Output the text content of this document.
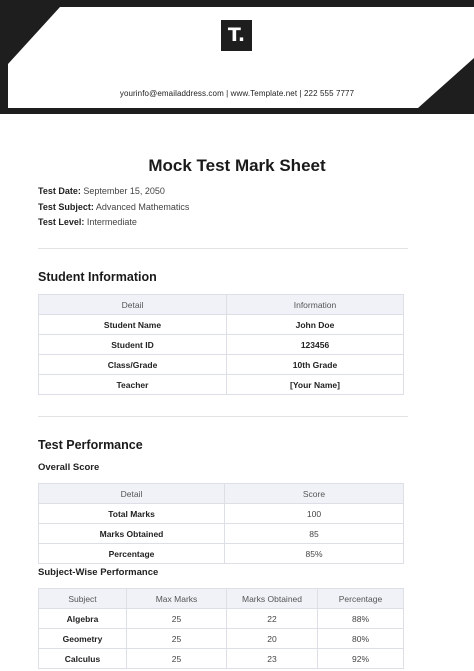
T.
yourinfo@emailaddress.com | www.Template.net | 222 555 7777
Mock Test Mark Sheet
Test Date: September 15, 2050
Test Subject: Advanced Mathematics
Test Level: Intermediate
Student Information
Detail	Information
Student Name	John Doe
Student ID	123456
Class/Grade	10th Grade
Teacher	[Your Name]
Test Performance
Overall Score
Detail	Score
Total Marks	100
Marks Obtained	85
Percentage	85%
Subject-Wise Performance
Subject	Max Marks	Marks Obtained	Percentage
Algebra	25	22	88%
Geometry	25	20	80%
Calculus	25	23	92%
